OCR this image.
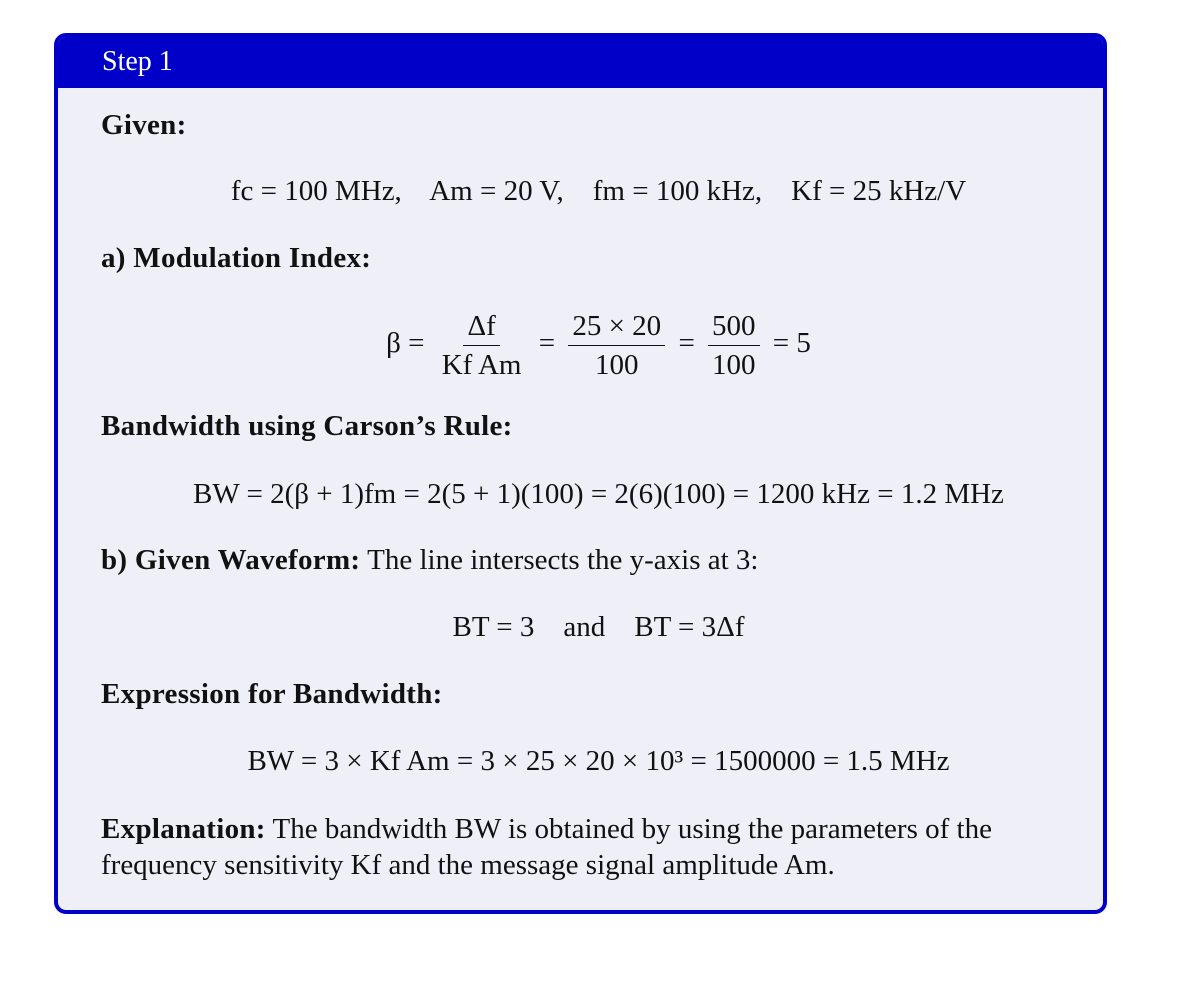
Step 1
Given:
fc = 100 MHz,    Am = 20 V,    fm = 100 kHz,    Kf = 25 kHz/V
a) Modulation Index:
$\beta = \frac{\Delta f}{\text{Kf Am}} = \frac{25 \times 20}{100} = \frac{500}{100} = 5$
Bandwidth using Carson’s Rule:
BW = 2(β + 1)fm = 2(5 + 1)(100) = 2(6)(100) = 1200 kHz = 1.2 MHz
b) Given Waveform: The line intersects the y-axis at 3:
BT = 3    and    BT = 3Δf
Expression for Bandwidth:
BW = 3 × Kf Am = 3 × 25 × 20 × 10³ = 1500000 = 1.5 MHz
Explanation: The bandwidth BW is obtained by using the parameters of the frequency sensitivity Kf and the message signal amplitude Am.
